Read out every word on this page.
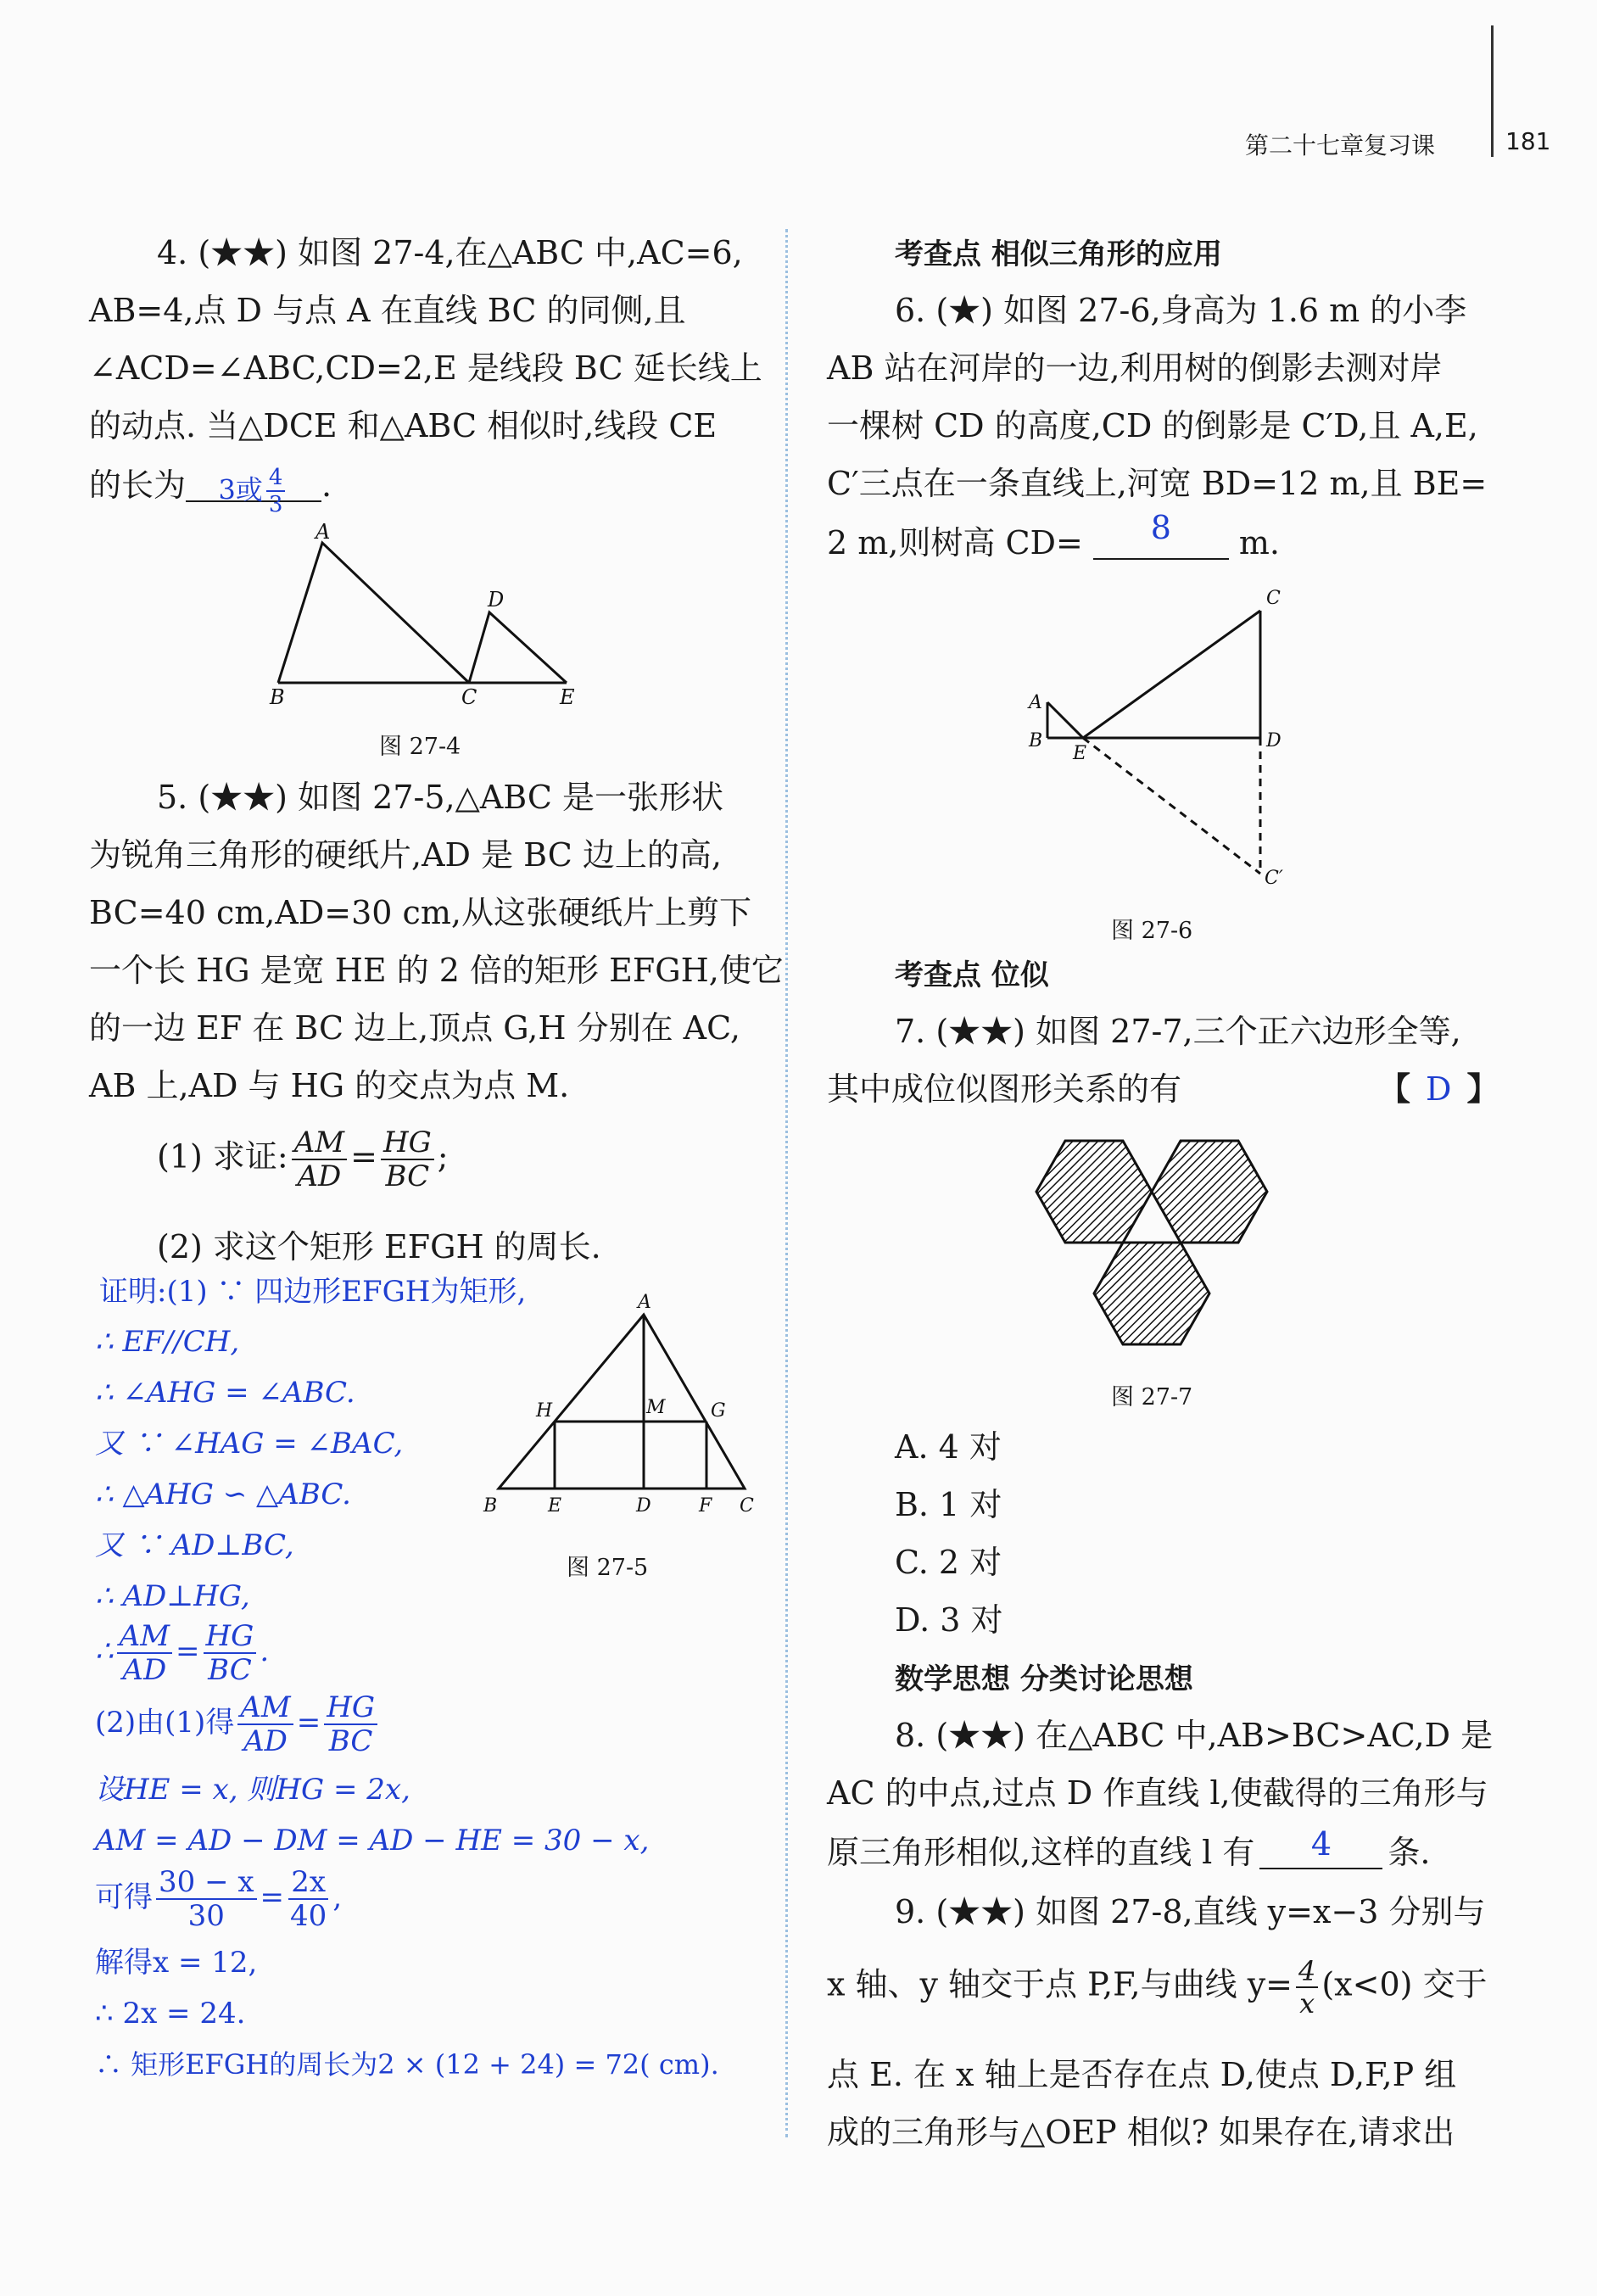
第二十七章复习课	181
4. (★★) 如图 27-4,在△ABC 中,AC=6,
AB=4,点 D 与点 A 在直线 BC 的同侧,且
∠ACD=∠ABC,CD=2,E 是线段 BC 延长线上
的动点. 当△DCE 和△ABC 相似时,线段 CE
的长为 3或 $\frac{4}{3}$ .
A
B	C
D
E
图 27-4
5. (★★) 如图 27-5,△ABC 是一张形状
为锐角三角形的硬纸片,AD 是 BC 边上的高,
BC=40 cm,AD=30 cm,从这张硬纸片上剪下
一个长 HG 是宽 HE 的 2 倍的矩形 EFGH,使它
的一边 EF 在 BC 边上,顶点 G,H 分别在 AC,
AB 上,AD 与 HG 的交点为点 M.
(1) 求证: $\frac{AM}{AD} = \frac{HG}{BC}$ ;
(2) 求这个矩形 EFGH 的周长.
证明:(1) ∵ 四边形EFGH为矩形,
∴ EF//CH,
∴ ∠AHG = ∠ABC.
又 ∵ ∠HAG = ∠BAC,
∴ △AHG ∽ △ABC.
又 ∵ AD⊥BC,
∴ AD⊥HG,
∴ $\frac{AM}{AD} = \frac{HG}{BC}$ .
(2)由(1)得 $\frac{AM}{AD} = \frac{HG}{BC}$
设HE = x, 则HG = 2x,
AM = AD − DM = AD − HE = 30 − x,
可得 $\frac{30 - x}{30} = \frac{2x}{40}$ ,
解得x = 12,
∴ 2x = 24.
∴ 矩形EFGH的周长为2 × (12 + 24) = 72( cm).
A
B	E	D	F C
H	M G
图 27-5
考查点 相似三角形的应用
6. (★) 如图 27-6,身高为 1.6 m 的小李
AB 站在河岸的一边,利用树的倒影去测对岸
一棵树 CD 的高度,CD 的倒影是 C′D,且 A,E,
C′三点在一条直线上,河宽 BD=12 m,且 BE=
2 m,则树高 CD= 8 m.
A
B
E
C
D
C′
图 27-6
考查点 位似
7. (★★) 如图 27-7,三个正六边形全等,
其中成位似图形关系的有	【 D 】
图 27-7
A. 4 对
B. 1 对
C. 2 对
D. 3 对
数学思想 分类讨论思想
8. (★★) 在△ABC 中,AB>BC>AC,D 是
AC 的中点,过点 D 作直线 l,使截得的三角形与
原三角形相似,这样的直线 l 有 4 条.
9. (★★) 如图 27-8,直线 y=x−3 分别与
x 轴、y 轴交于点 P,F,与曲线 $y= \frac{4}{x} (x<0)$ 交于
点 E. 在 x 轴上是否存在点 D,使点 D,F,P 组
成的三角形与△OEP 相似? 如果存在,请求出
